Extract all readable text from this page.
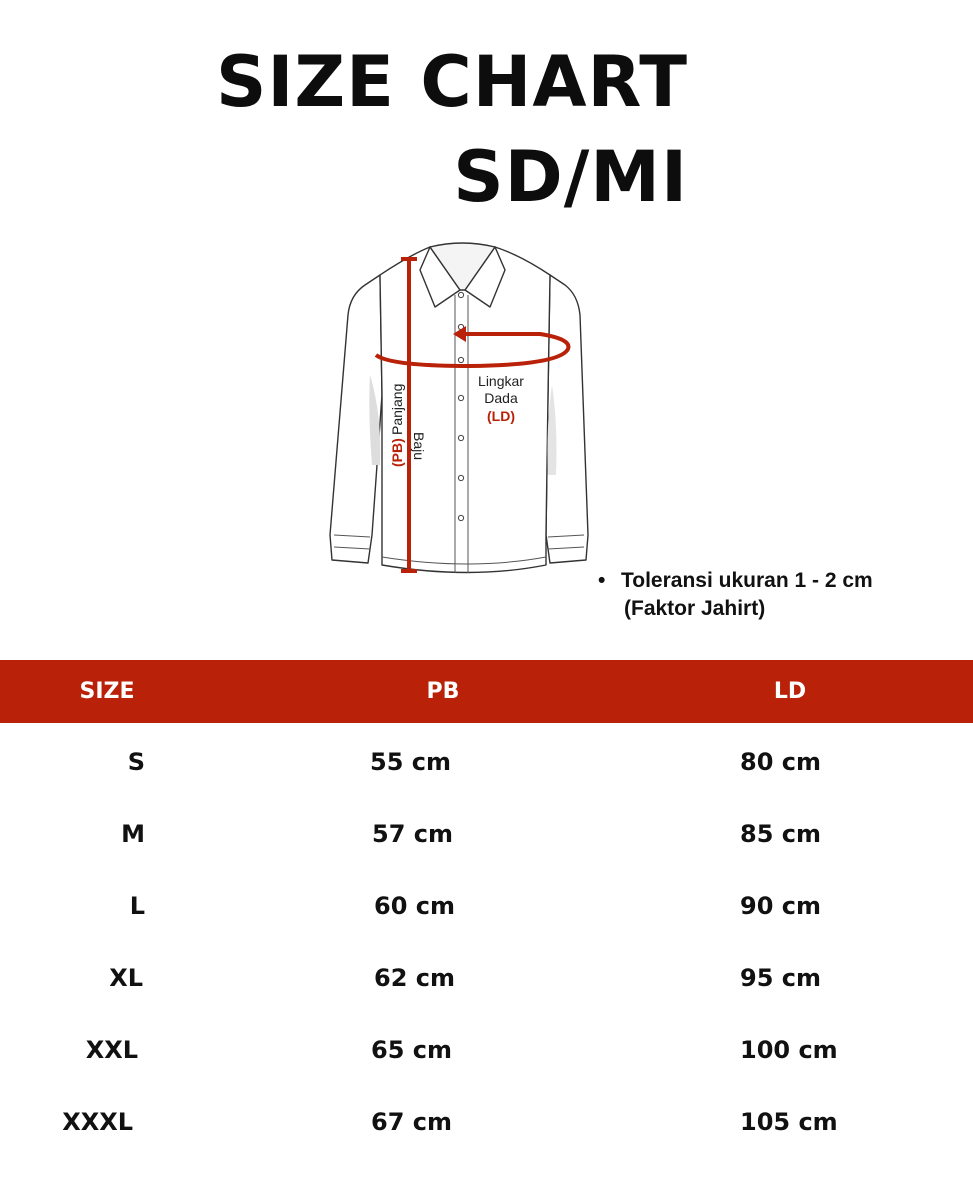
SIZE CHART
SD/MI
(PB)
Panjang
Baju
Lingkar
Dada
(LD)
• Toleransi ukuran 1 - 2 cm
(Faktor Jahirt)
SIZE	PB	LD
S	55 cm	80 cm
M	57 cm	85 cm
L	60 cm	90 cm
XL	62 cm	95 cm
XXL	65 cm	100 cm
XXXL	67 cm	105 cm
